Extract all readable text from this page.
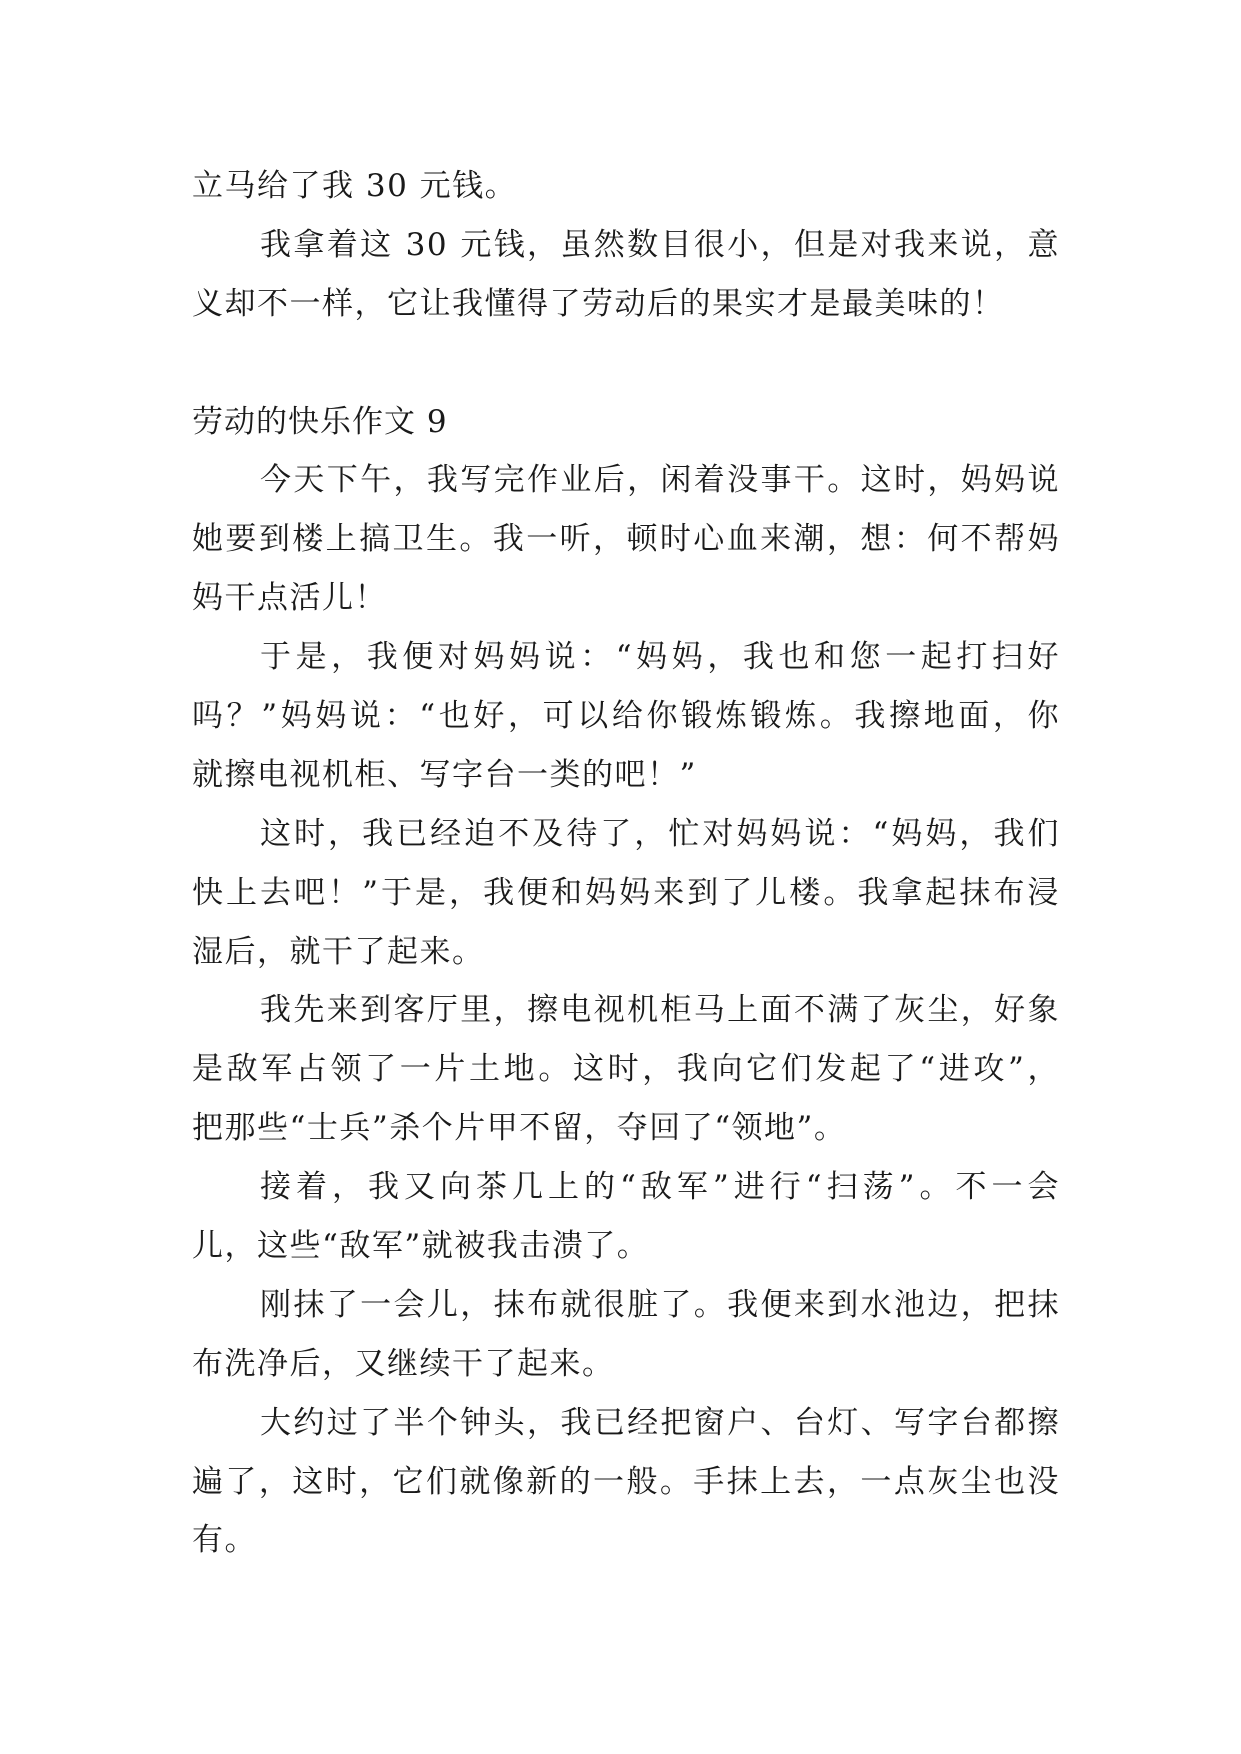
立马给了我 30 元钱。
我拿着这 30 元钱，虽然数目很小，但是对我来说，意
义却不一样，它让我懂得了劳动后的果实才是最美味的！
劳动的快乐作文 9
今天下午，我写完作业后，闲着没事干。这时，妈妈说
她要到楼上搞卫生。我一听，顿时心血来潮，想：何不帮妈
妈干点活儿！
于是，我便对妈妈说：“妈妈，我也和您一起打扫好
吗？”妈妈说：“也好，可以给你锻炼锻炼。我擦地面，你
就擦电视机柜、写字台一类的吧！”
这时，我已经迫不及待了，忙对妈妈说：“妈妈，我们
快上去吧！”于是，我便和妈妈来到了儿楼。我拿起抹布浸
湿后，就干了起来。
我先来到客厅里，擦电视机柜马上面不满了灰尘，好象
是敌军占领了一片土地。这时，我向它们发起了“进攻”，
把那些“士兵”杀个片甲不留，夺回了“领地”。
接着，我又向茶几上的“敌军”进行“扫荡”。不一会
儿，这些“敌军”就被我击溃了。
刚抹了一会儿，抹布就很脏了。我便来到水池边，把抹
布洗净后，又继续干了起来。
大约过了半个钟头，我已经把窗户、台灯、写字台都擦
遍了，这时，它们就像新的一般。手抹上去，一点灰尘也没
有。
